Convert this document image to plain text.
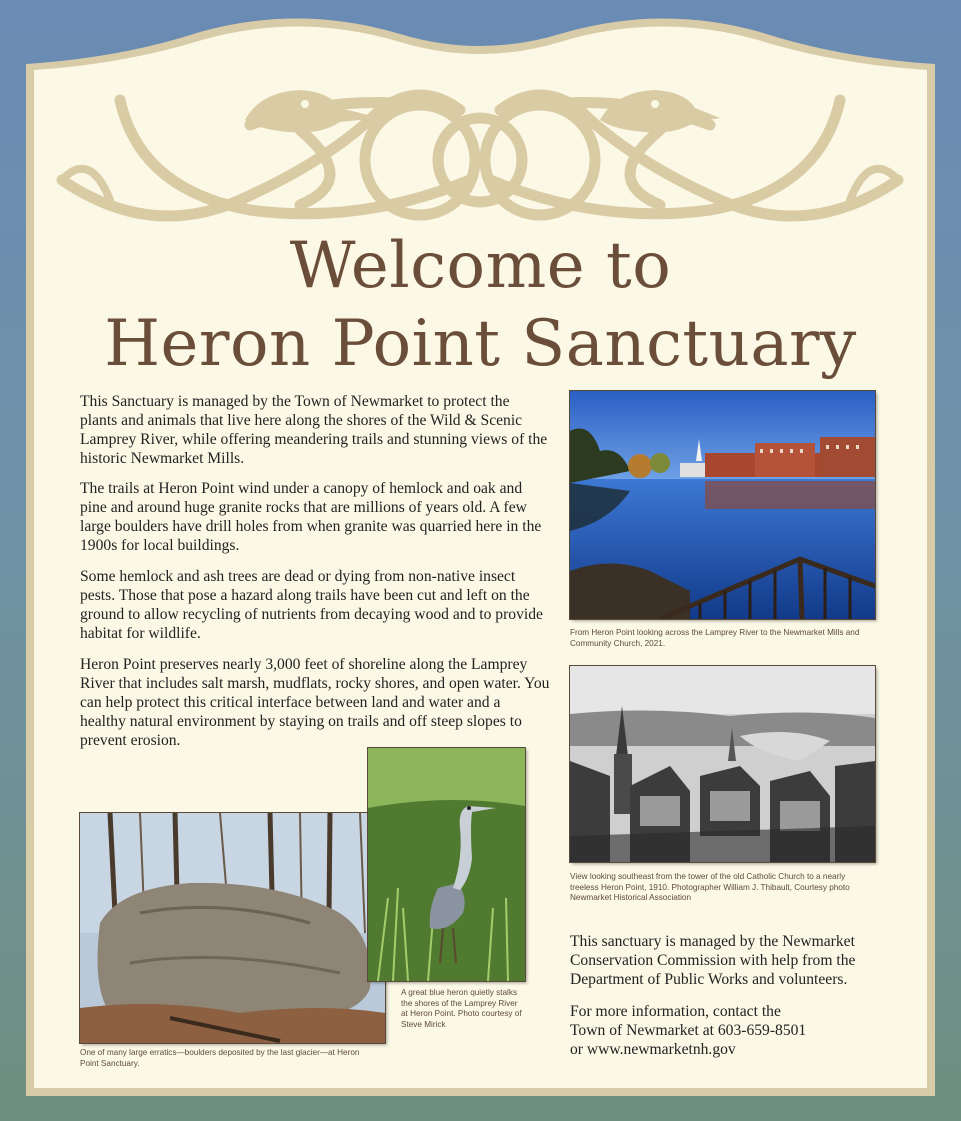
Welcome to
Heron Point Sanctuary

This Sanctuary is managed by the Town of Newmarket to protect the plants and animals that live here along the shores of the Wild & Scenic Lamprey River, while offering meandering trails and stunning views of the historic Newmarket Mills.

The trails at Heron Point wind under a canopy of hemlock and oak and pine and around huge granite rocks that are millions of years old. A few large boulders have drill holes from when granite was quarried here in the 1900s for local buildings.

Some hemlock and ash trees are dead or dying from non-native insect pests. Those that pose a hazard along trails have been cut and left on the ground to allow recycling of nutrients from decaying wood and to provide habitat for wildlife.

Heron Point preserves nearly 3,000 feet of shoreline along the Lamprey River that includes salt marsh, mudflats, rocky shores, and open water. You can help protect this critical interface between land and water and a healthy natural environment by staying on trails and off steep slopes to prevent erosion.

From Heron Point looking across the Lamprey River to the Newmarket Mills and Community Church, 2021.
View looking southeast from the tower of the old Catholic Church to a nearly treeless Heron Point, 1910. Photographer William J. Thibault, Courtesy photo Newmarket Historical Association
One of many large erratics—boulders deposited by the last glacier—at Heron Point Sanctuary.
A great blue heron quietly stalks the shores of the Lamprey River at Heron Point. Photo courtesy of Steve Mirick

This sanctuary is managed by the Newmarket Conservation Commission with help from the Department of Public Works and volunteers.

For more information, contact the

Town of Newmarket at 603-659-8501

or www.newmarketnh.gov
